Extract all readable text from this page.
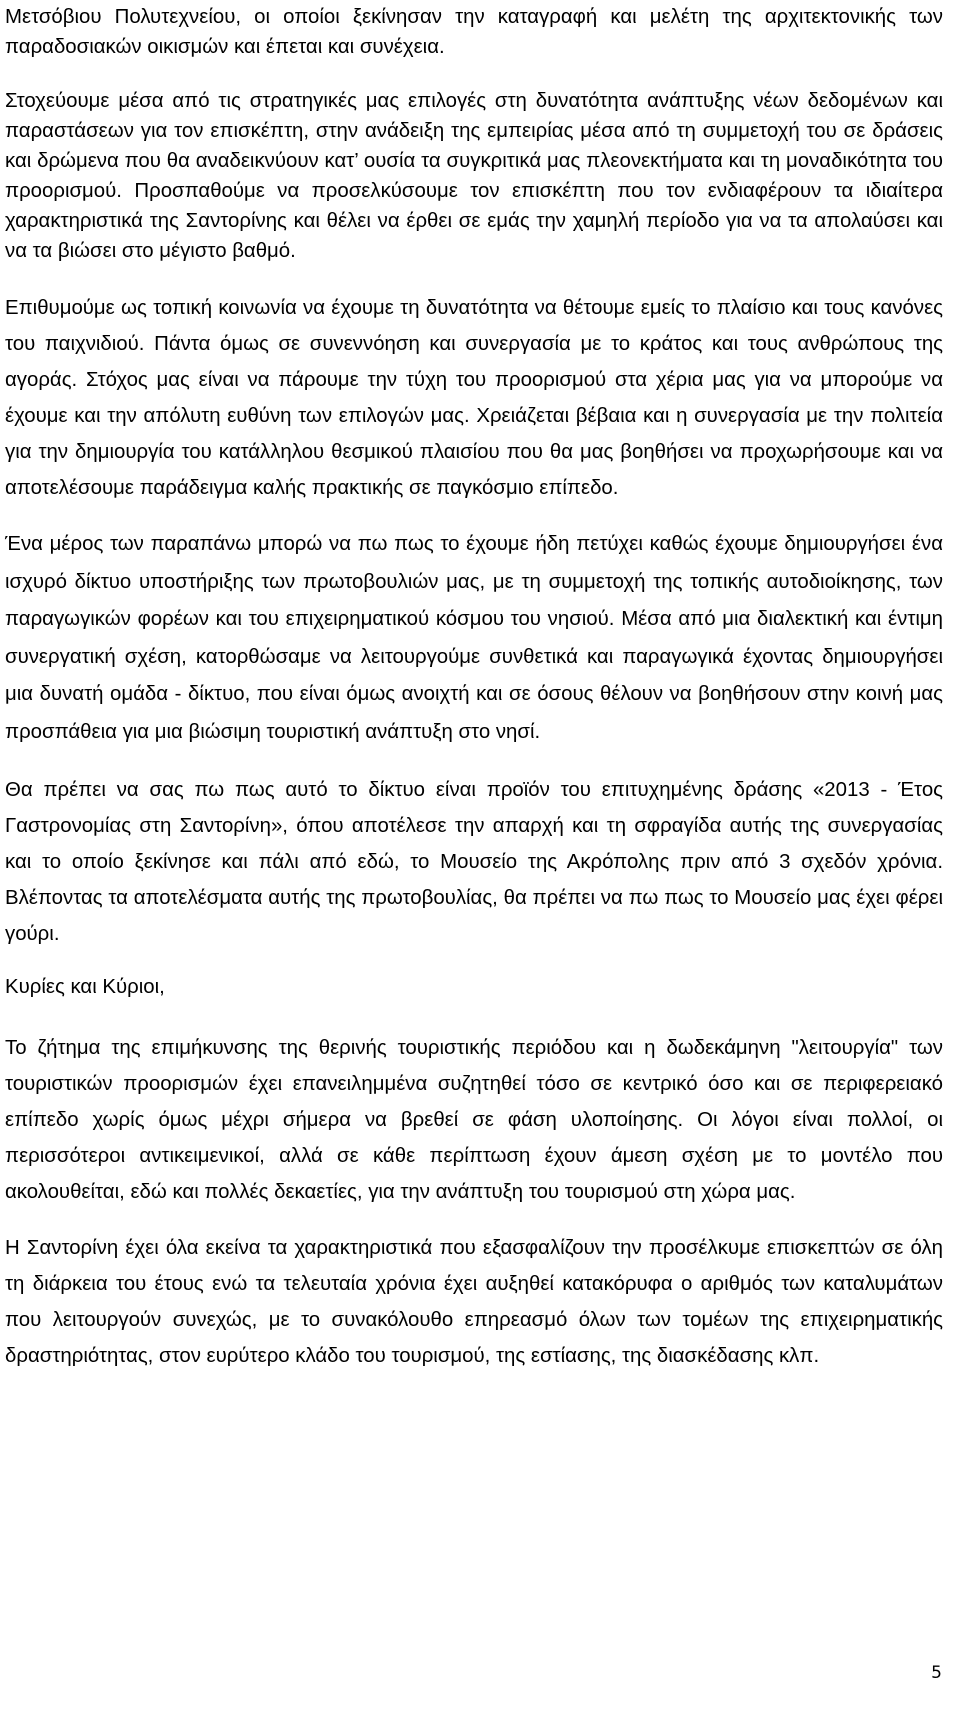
Μετσόβιου Πολυτεχνείου, οι οποίοι ξεκίνησαν την καταγραφή και μελέτη της αρχιτεκτονικής των παραδοσιακών οικισμών και έπεται και συνέχεια.

Στοχεύουμε μέσα από τις στρατηγικές μας επιλογές στη δυνατότητα ανάπτυξης νέων δεδομένων και παραστάσεων για τον επισκέπτη, στην ανάδειξη της εμπειρίας μέσα από τη συμμετοχή του σε δράσεις και δρώμενα που θα αναδεικνύουν κατ’ ουσία τα συγκριτικά μας πλεονεκτήματα και τη μοναδικότητα του προορισμού. Προσπαθούμε να προσελκύσουμε τον επισκέπτη που τον ενδιαφέρουν τα ιδιαίτερα χαρακτηριστικά της Σαντορίνης και θέλει να έρθει σε εμάς την χαμηλή περίοδο για να τα απολαύσει και να τα βιώσει στο μέγιστο βαθμό.

Επιθυμούμε ως τοπική κοινωνία να έχουμε τη δυνατότητα να θέτουμε εμείς το πλαίσιο και τους κανόνες του παιχνιδιού. Πάντα όμως σε συνεννόηση και συνεργασία με το κράτος και τους ανθρώπους της αγοράς. Στόχος μας είναι να πάρουμε την τύχη του προορισμού στα χέρια μας για να μπορούμε να έχουμε και την απόλυτη ευθύνη των επιλογών μας. Χρειάζεται βέβαια και η συνεργασία με την πολιτεία για την δημιουργία του κατάλληλου θεσμικού πλαισίου που θα μας βοηθήσει να προχωρήσουμε και να αποτελέσουμε παράδειγμα καλής πρακτικής σε παγκόσμιο επίπεδο.

Ένα μέρος των παραπάνω μπορώ να πω πως το έχουμε ήδη πετύχει καθώς έχουμε δημιουργήσει ένα ισχυρό δίκτυο υποστήριξης των πρωτοβουλιών μας, με τη συμμετοχή της τοπικής αυτοδιοίκησης, των παραγωγικών φορέων και του επιχειρηματικού κόσμου του νησιού. Μέσα από μια διαλεκτική και έντιμη συνεργατική σχέση, κατορθώσαμε να λειτουργούμε συνθετικά και παραγωγικά έχοντας δημιουργήσει μια δυνατή ομάδα - δίκτυο, που είναι όμως ανοιχτή και σε όσους θέλουν να βοηθήσουν στην κοινή μας προσπάθεια για μια βιώσιμη τουριστική ανάπτυξη στο νησί.

Θα πρέπει να σας πω πως αυτό το δίκτυο είναι προϊόν του επιτυχημένης δράσης «2013 - Έτος Γαστρονομίας στη Σαντορίνη», όπου αποτέλεσε την απαρχή και τη σφραγίδα αυτής της συνεργασίας και το οποίο ξεκίνησε και πάλι από εδώ, το Μουσείο της Ακρόπολης πριν από 3 σχεδόν χρόνια. Βλέποντας τα αποτελέσματα αυτής της πρωτοβουλίας, θα πρέπει να πω πως το Μουσείο μας έχει φέρει γούρι.

Κυρίες και Κύριοι,

Το ζήτημα της επιμήκυνσης της θερινής τουριστικής περιόδου και η δωδεκάμηνη "λειτουργία" των τουριστικών προορισμών έχει επανειλημμένα συζητηθεί τόσο σε κεντρικό όσο και σε περιφερειακό επίπεδο χωρίς όμως μέχρι σήμερα να βρεθεί σε φάση υλοποίησης. Οι λόγοι είναι πολλοί, οι περισσότεροι αντικειμενικοί, αλλά σε κάθε περίπτωση έχουν άμεση σχέση με το μοντέλο που ακολουθείται, εδώ και πολλές δεκαετίες, για την ανάπτυξη του τουρισμού στη χώρα μας.

Η Σαντορίνη έχει όλα εκείνα τα χαρακτηριστικά που εξασφαλίζουν την προσέλκυμε επισκεπτών σε όλη τη διάρκεια του έτους ενώ τα τελευταία χρόνια έχει αυξηθεί κατακόρυφα ο αριθμός των καταλυμάτων που λειτουργούν συνεχώς, με το συνακόλουθο επηρεασμό όλων των τομέων της επιχειρηματικής δραστηριότητας, στον ευρύτερο κλάδο του τουρισμού, της εστίασης, της διασκέδασης κλπ.

5
